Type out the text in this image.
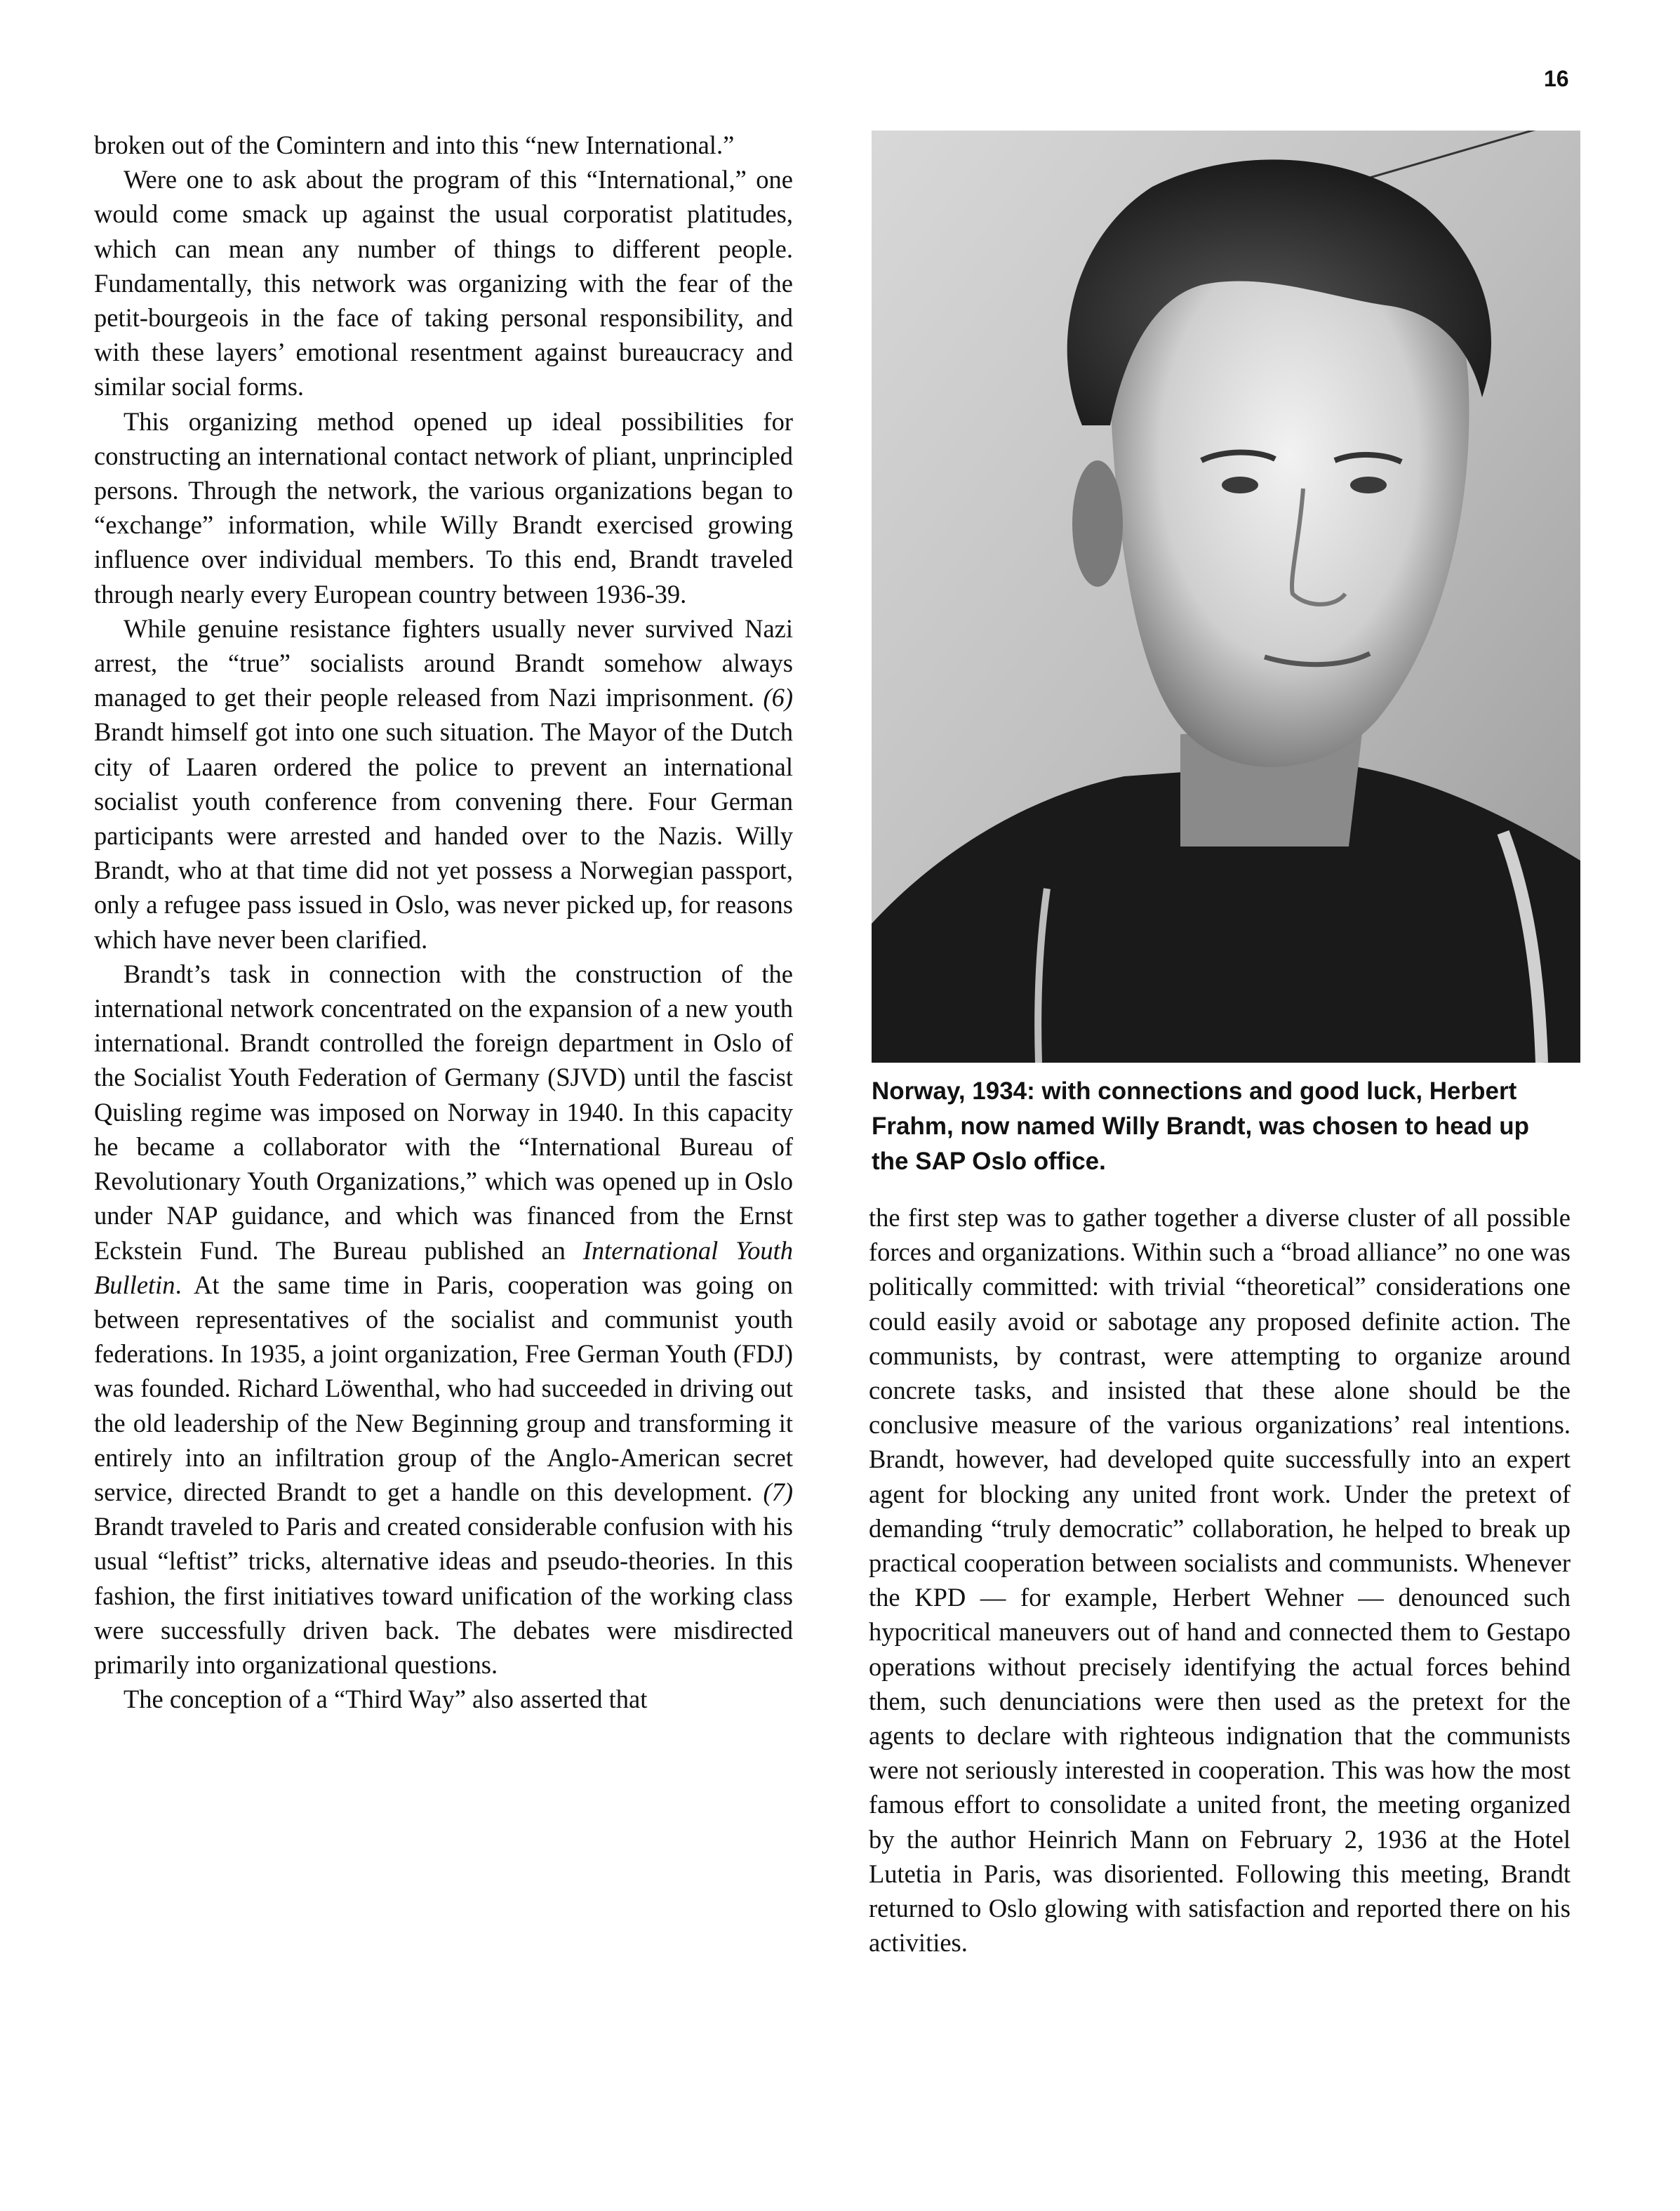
16

broken out of the Comintern and into this “new International.”

Were one to ask about the program of this “International,” one would come smack up against the usual corporatist platitudes, which can mean any number of things to different people. Fundamentally, this network was organizing with the fear of the petit-bourgeois in the face of taking personal responsibility, and with these layers’ emotional resentment against bureaucracy and similar social forms.

This organizing method opened up ideal possibilities for constructing an international contact network of pliant, unprincipled persons. Through the network, the various organizations began to “exchange” information, while Willy Brandt exercised growing influence over individual members. To this end, Brandt traveled through nearly every European country between 1936-39.

While genuine resistance fighters usually never survived Nazi arrest, the “true” socialists around Brandt somehow always managed to get their people released from Nazi imprisonment. (6) Brandt himself got into one such situation. The Mayor of the Dutch city of Laaren ordered the police to prevent an international socialist youth conference from convening there. Four German participants were arrested and handed over to the Nazis. Willy Brandt, who at that time did not yet possess a Norwegian passport, only a refugee pass issued in Oslo, was never picked up, for reasons which have never been clarified.

Brandt’s task in connection with the construction of the international network concentrated on the expansion of a new youth international. Brandt controlled the foreign department in Oslo of the Socialist Youth Federation of Germany (SJVD) until the fascist Quisling regime was imposed on Norway in 1940. In this capacity he became a collaborator with the “International Bureau of Revolutionary Youth Organizations,” which was opened up in Oslo under NAP guidance, and which was financed from the Ernst Eckstein Fund. The Bureau published an International Youth Bulletin. At the same time in Paris, cooperation was going on between representatives of the socialist and communist youth federations. In 1935, a joint organization, Free German Youth (FDJ) was founded. Richard Löwenthal, who had succeeded in driving out the old leadership of the New Beginning group and transforming it entirely into an infiltration group of the Anglo-American secret service, directed Brandt to get a handle on this development. (7) Brandt traveled to Paris and created considerable confusion with his usual “leftist” tricks, alternative ideas and pseudo-theories. In this fashion, the first initiatives toward unification of the working class were successfully driven back. The debates were misdirected primarily into organizational questions.

The conception of a “Third Way” also asserted that

Norway, 1934: with connections and good luck, Herbert
Frahm, now named Willy Brandt, was chosen to head up
the SAP Oslo office.

the first step was to gather together a diverse cluster of all possible forces and organizations. Within such a “broad alliance” no one was politically committed: with trivial “theoretical” considerations one could easily avoid or sabotage any proposed definite action. The communists, by contrast, were attempting to organize around concrete tasks, and insisted that these alone should be the conclusive measure of the various organizations’ real intentions. Brandt, however, had developed quite successfully into an expert agent for blocking any united front work. Under the pretext of demanding “truly democratic” collaboration, he helped to break up practical cooperation between socialists and communists. Whenever the KPD — for example, Herbert Wehner — denounced such hypocritical maneuvers out of hand and connected them to Gestapo operations without precisely identifying the actual forces behind them, such denunciations were then used as the pretext for the agents to declare with righteous indignation that the communists were not seriously interested in cooperation. This was how the most famous effort to consolidate a united front, the meeting organized by the author Heinrich Mann on February 2, 1936 at the Hotel Lutetia in Paris, was disoriented. Following this meeting, Brandt returned to Oslo glowing with satisfaction and reported there on his activities.
